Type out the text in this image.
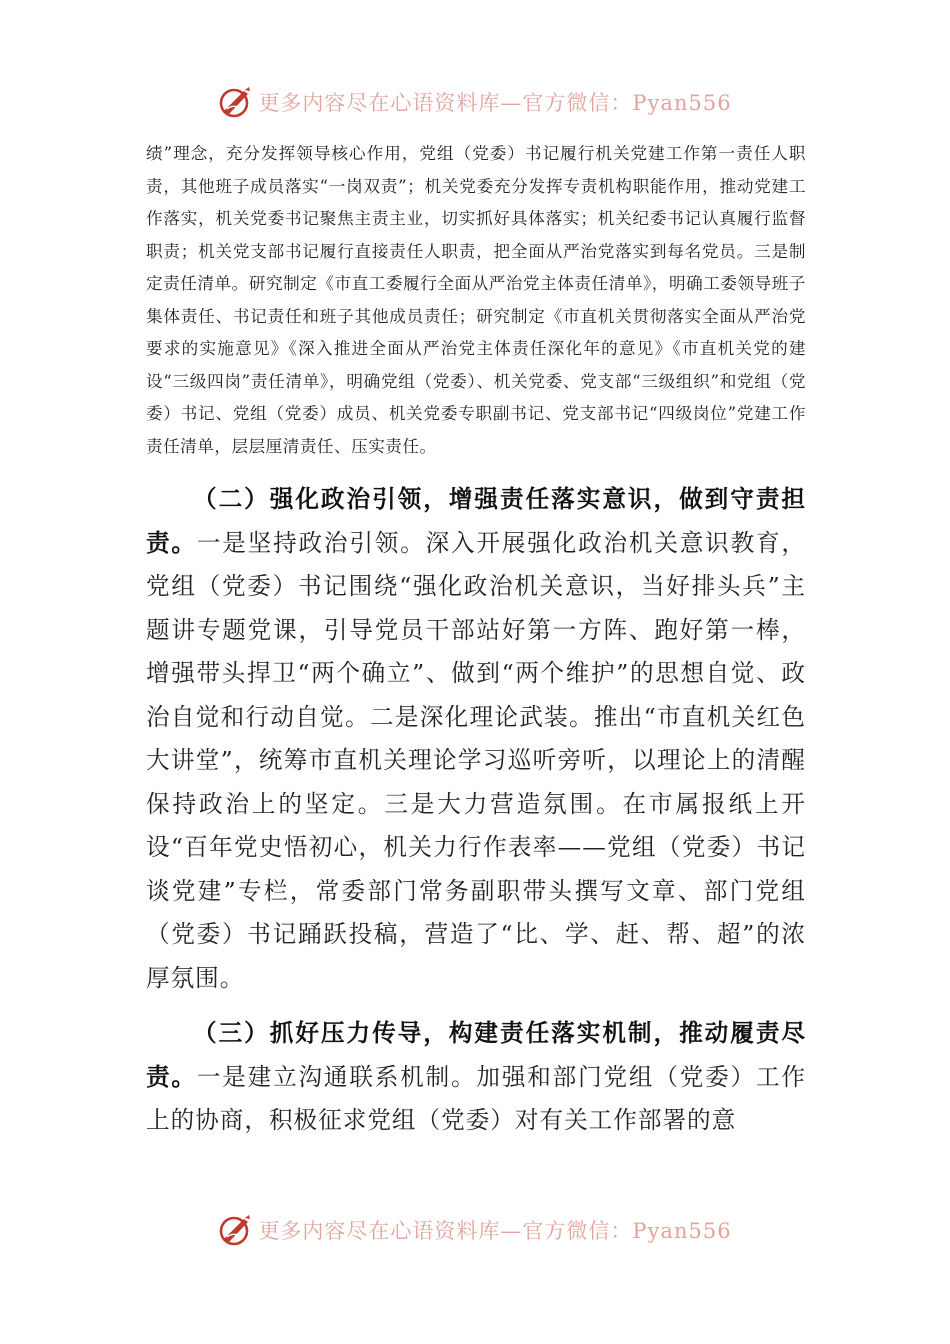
更多内容尽在心语资料库—官方微信：Pyan556

绩”理念，充分发挥领导核心作用，党组（党委）书记履行机关党建工作第一责任人职责，其他班子成员落实“一岗双责”；机关党委充分发挥专责机构职能作用，推动党建工作落实，机关党委书记聚焦主责主业，切实抓好具体落实；机关纪委书记认真履行监督职责；机关党支部书记履行直接责任人职责，把全面从严治党落实到每名党员。三是制定责任清单。研究制定《市直工委履行全面从严治党主体责任清单》，明确工委领导班子集体责任、书记责任和班子其他成员责任；研究制定《市直机关贯彻落实全面从严治党要求的实施意见》《深入推进全面从严治党主体责任深化年的意见》《市直机关党的建设“三级四岗”责任清单》，明确党组（党委）、机关党委、党支部“三级组织”和党组（党委）书记、党组（党委）成员、机关党委专职副书记、党支部书记“四级岗位”党建工作责任清单，层层厘清责任、压实责任。

（二）强化政治引领，增强责任落实意识，做到守责担责。一是坚持政治引领。深入开展强化政治机关意识教育，党组（党委）书记围绕“强化政治机关意识，当好排头兵”主题讲专题党课，引导党员干部站好第一方阵、跑好第一棒，增强带头捍卫“两个确立”、做到“两个维护”的思想自觉、政治自觉和行动自觉。二是深化理论武装。推出“市直机关红色大讲堂”，统筹市直机关理论学习巡听旁听，以理论上的清醒保持政治上的坚定。三是大力营造氛围。在市属报纸上开设“百年党史悟初心，机关力行作表率——党组（党委）书记谈党建”专栏，常委部门常务副职带头撰写文章、部门党组（党委）书记踊跃投稿，营造了“比、学、赶、帮、超”的浓厚氛围。

（三）抓好压力传导，构建责任落实机制，推动履责尽责。一是建立沟通联系机制。加强和部门党组（党委）工作上的协商，积极征求党组（党委）对有关工作部署的意

更多内容尽在心语资料库—官方微信：Pyan556
